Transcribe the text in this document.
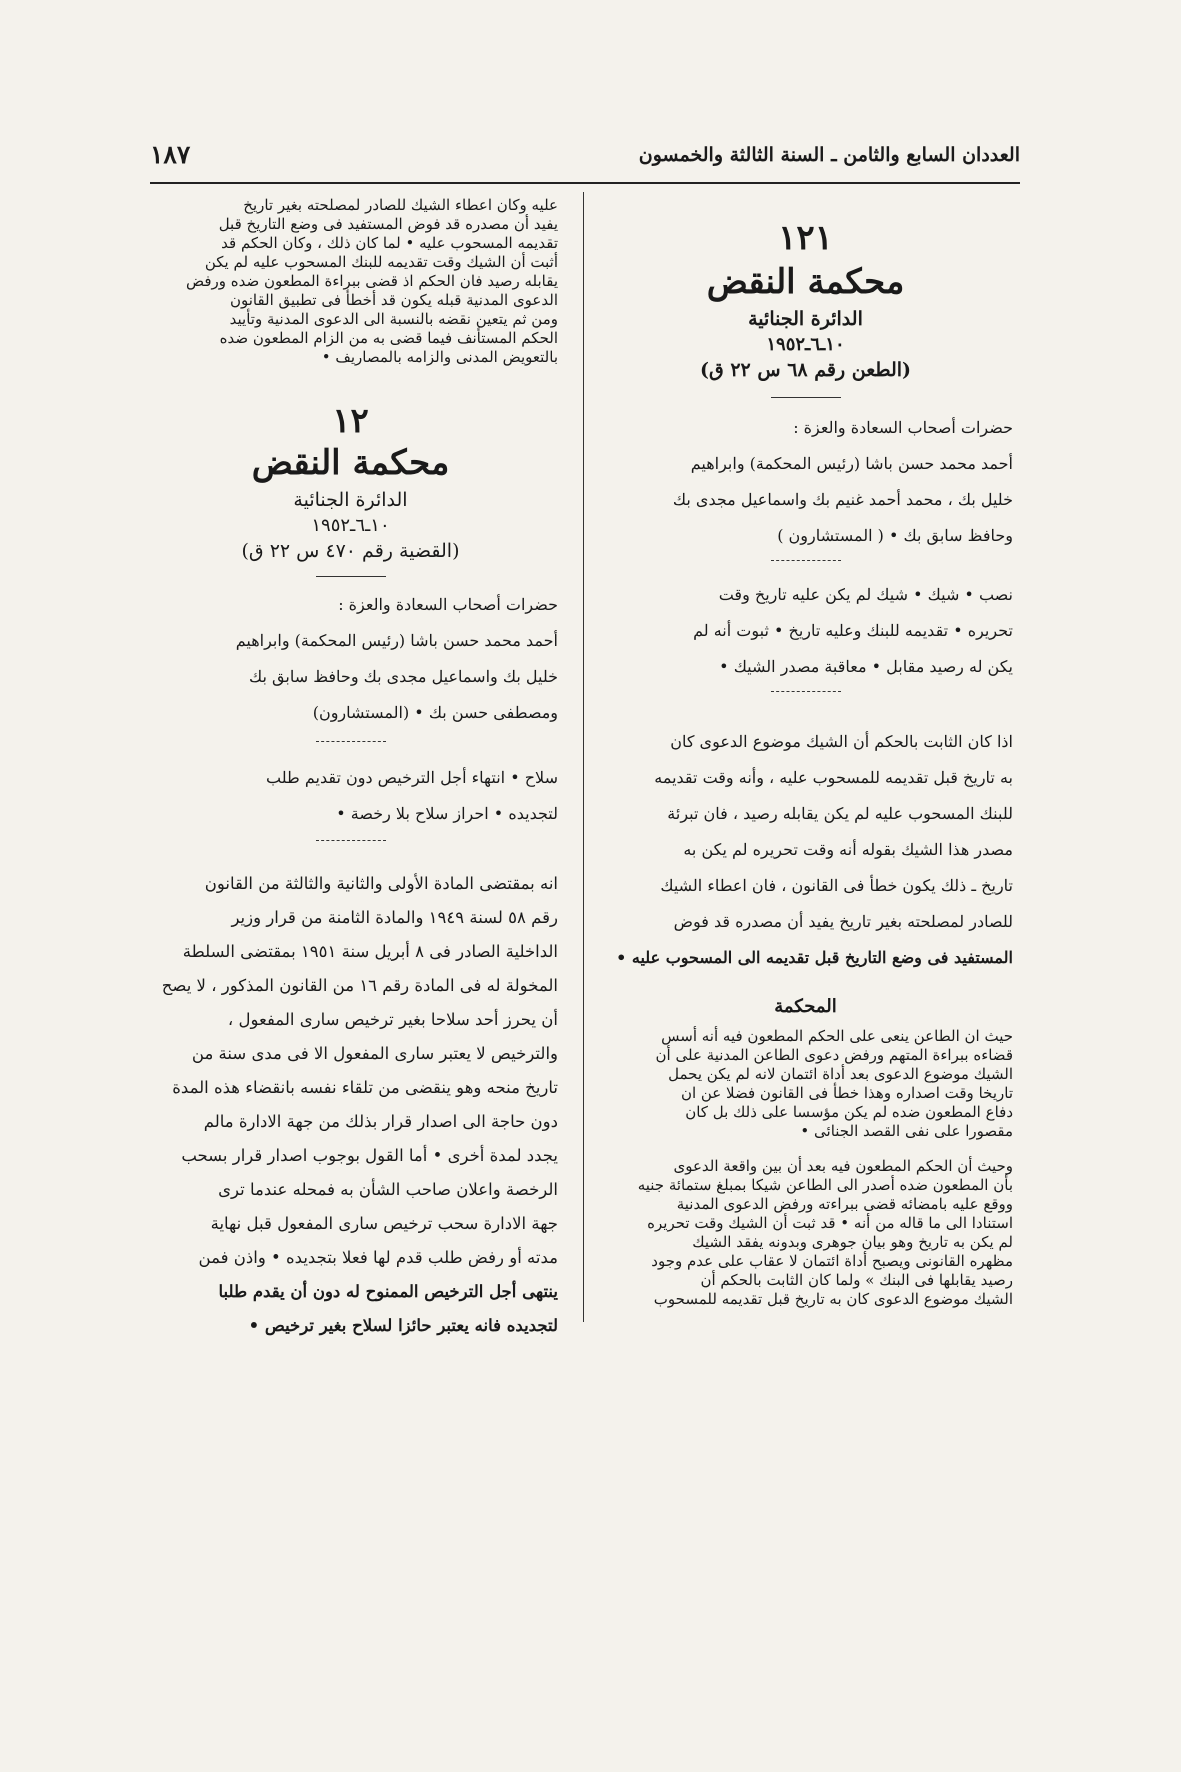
العددان السابع والثامن ـ السنة الثالثة والخمسون
١٨٧

١٢١

محكمة النقض

الدائرة الجنائية

١٠ـ٦ـ١٩٥٢

(الطعن رقم ٦٨ س ٢٢ ق)

حضرات أصحاب السعادة والعزة :

أحمد محمد حسن باشا (رئيس المحكمة) وابراهيم

خليل بك ، محمد أحمد غنيم بك واسماعيل مجدى بك

وحافظ سابق بك • ( المستشارون )

نصب • شيك • شيك لم يكن عليه تاريخ وقت

تحريره • تقديمه للبنك وعليه تاريخ • ثبوت أنه لم

يكن له رصيد مقابل • معاقبة مصدر الشيك •

اذا كان الثابت بالحكم أن الشيك موضوع الدعوى كان

به تاريخ قبل تقديمه للمسحوب عليه ، وأنه وقت تقديمه

للبنك المسحوب عليه لم يكن يقابله رصيد ، فان تبرئة

مصدر هذا الشيك بقوله أنه وقت تحريره لم يكن به

تاريخ ـ ذلك يكون خطأ فى القانون ، فان اعطاء الشيك

للصادر لمصلحته بغير تاريخ يفيد أن مصدره قد فوض

المستفيد فى وضع التاريخ قبل تقديمه الى المسحوب عليه •

المحكمة

حيث ان الطاعن ينعى على الحكم المطعون فيه أنه أسس

قضاءه ببراءة المتهم ورفض دعوى الطاعن المدنية على أن

الشيك موضوع الدعوى بعد أداة ائتمان لانه لم يكن يحمل

تاريخا وقت اصداره وهذا خطأ فى القانون فضلا عن ان

دفاع المطعون ضده لم يكن مؤسسا على ذلك بل كان

مقصورا على نفى القصد الجنائى •

وحيث أن الحكم المطعون فيه بعد أن بين واقعة الدعوى

بأن المطعون ضده أصدر الى الطاعن شيكا بمبلغ ستمائة جنيه

ووقع عليه بامضائه قضى ببراءته ورفض الدعوى المدنية

استنادا الى ما قاله من أنه • قد ثبت أن الشيك وقت تحريره

لم يكن به تاريخ وهو بيان جوهرى وبدونه يفقد الشيك

مظهره القانونى ويصبح أداة ائتمان لا عقاب على عدم وجود

رصيد يقابلها فى البنك » ولما كان الثابت بالحكم أن

الشيك موضوع الدعوى كان به تاريخ قبل تقديمه للمسحوب

عليه وكان اعطاء الشيك للصادر لمصلحته بغير تاريخ

يفيد أن مصدره قد فوض المستفيد فى وضع التاريخ قبل

تقديمه المسحوب عليه • لما كان ذلك ، وكان الحكم قد

أثبت أن الشيك وقت تقديمه للبنك المسحوب عليه لم يكن

يقابله رصيد فان الحكم اذ قضى ببراءة المطعون ضده ورفض

الدعوى المدنية قبله يكون قد أخطأ فى تطبيق القانون

ومن ثم يتعين نقضه بالنسبة الى الدعوى المدنية وتأييد

الحكم المستأنف فيما قضى به من الزام المطعون ضده

بالتعويض المدنى والزامه بالمصاريف •

١٢

محكمة النقض

الدائرة الجنائية

١٠ـ٦ـ١٩٥٢

(القضية رقم ٤٧٠ س ٢٢ ق)

حضرات أصحاب السعادة والعزة :

أحمد محمد حسن باشا (رئيس المحكمة) وابراهيم

خليل بك واسماعيل مجدى بك وحافظ سابق بك

ومصطفى حسن بك • (المستشارون)

سلاح • انتهاء أجل الترخيص دون تقديم طلب

لتجديده • احراز سلاح بلا رخصة •

انه بمقتضى المادة الأولى والثانية والثالثة من القانون

رقم ٥٨ لسنة ١٩٤٩ والمادة الثامنة من قرار وزير

الداخلية الصادر فى ٨ أبريل سنة ١٩٥١ بمقتضى السلطة

المخولة له فى المادة رقم ١٦ من القانون المذكور ، لا يصح

أن يحرز أحد سلاحا بغير ترخيص سارى المفعول ،

والترخيص لا يعتبر سارى المفعول الا فى مدى سنة من

تاريخ منحه وهو ينقضى من تلقاء نفسه بانقضاء هذه المدة

دون حاجة الى اصدار قرار بذلك من جهة الادارة مالم

يجدد لمدة أخرى • أما القول بوجوب اصدار قرار بسحب

الرخصة واعلان صاحب الشأن به فمحله عندما ترى

جهة الادارة سحب ترخيص سارى المفعول قبل نهاية

مدته أو رفض طلب قدم لها فعلا بتجديده • واذن فمن

ينتهى أجل الترخيص الممنوح له دون أن يقدم طلبا

لتجديده فانه يعتبر حائزا لسلاح بغير ترخيص •
